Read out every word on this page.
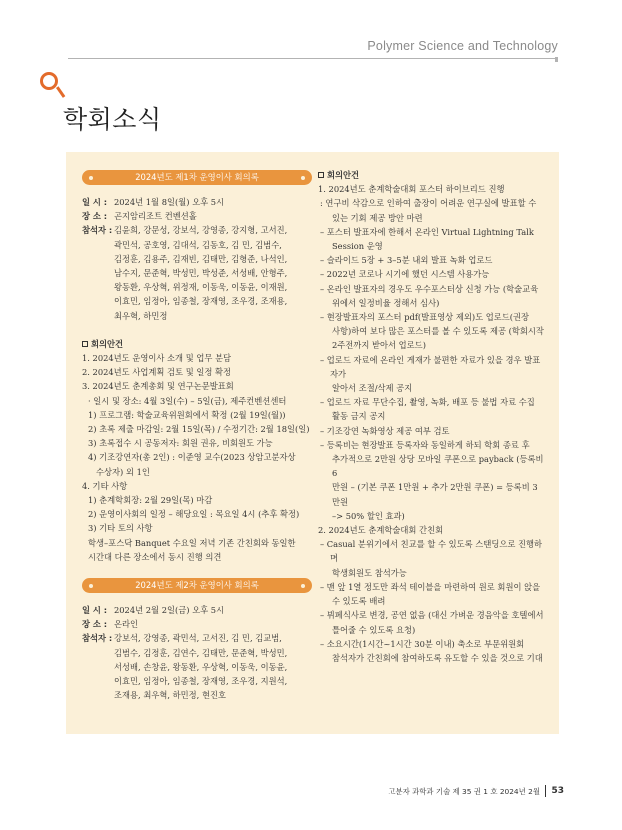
Polymer Science and Technology
학회소식
2024년도 제1차 운영이사 회의록
일 시 : 2024년 1월 8일(월) 오후 5시
장 소 : 곤지암리조트 컨벤션홀
참석자 : 김윤희, 강문성, 강보석, 강영종, 강지형, 고서진,
곽민석, 공호영, 김대석, 김동호, 김 민, 김범수,
김정훈, 김용주, 김재빈, 김태만, 김형준, 나석인,
남수지, 문준혁, 박성민, 박성준, 서성배, 안형주,
왕동환, 우상혁, 위정재, 이동욱, 이동윤, 이재원,
이효민, 임정아, 임종철, 장재영, 조우경, 조재용,
최우혁, 하민정
회의안건
1. 2024년도 운영이사 소개 및 업무 분담
2. 2024년도 사업계획 검토 및 일정 확정
3. 2024년도 춘계총회 및 연구논문발표회
· 일시 및 장소: 4월 3일(수) – 5일(금), 제주컨벤션센터
1) 프로그램: 학술교육위원회에서 확정 (2월 19일(월))
2) 초록 제출 마감일: 2월 15일(목) / 수정기간: 2월 18일(일)
3) 초록접수 시 공동저자: 회원 권유, 비회원도 가능
4) 기조강연자(총 2인) : 이준영 교수(2023 상암고분자상
수상자) 외 1인
4. 기타 사항
1) 춘계학회장: 2월 29일(목) 마감
2) 운영이사회의 일정 – 해당요일 : 목요일 4시 (추후 확정)
3) 기타 토의 사항
학생–포스닥 Banquet 수요일 저녁 기존 간친회와 동일한
시간대 다른 장소에서 동시 진행 의견
2024년도 제2차 운영이사 회의록
일 시 : 2024년 2월 2일(금) 오후 5시
장 소 : 온라인
참석자 : 강보석, 강영종, 곽민석, 고서진, 김 민, 김교범,
김범수, 김정훈, 김연수, 김태만, 문준혁, 박성민,
서성배, 손창윤, 왕동환, 우상혁, 이동욱, 이동윤,
이효민, 임정아, 임종철, 장재영, 조우경, 지원석,
조재용, 최우혁, 하민정, 현진호
회의안건
1. 2024년도 춘계학술대회 포스터 하이브리드 진행
: 연구비 삭감으로 인하여 출장이 어려운 연구실에 발표할 수
있는 기회 제공 방안 마련
– 포스터 발표자에 한해서 온라인 Virtual Lightning Talk
Session 운영
– 슬라이드 5장 + 3–5분 내외 발표 녹화 업로드
– 2022년 코로나 시기에 했던 시스템 사용가능
– 온라인 발표자의 경우도 우수포스터상 신청 가능 (학술교육
위에서 일정비율 정해서 심사)
– 현장발표자의 포스터 pdf(발표영상 제외)도 업로드(권장
사항)하여 보다 많은 포스터를 볼 수 있도록 제공 (학회시작
2주전까지 받아서 업로드)
– 업로드 자료에 온라인 게재가 불편한 자료가 있을 경우 발표자가
알아서 조절/삭제 공지
– 업로드 자료 무단수집, 촬영, 녹화, 배포 등 불법 자료 수집
활동 금지 공지
– 기조강연 녹화영상 제공 여부 검토
– 등록비는 현장발표 등록자와 동일하게 하되 학회 종료 후
추가적으로 2만원 상당 모바일 쿠폰으로 payback (등록비 6
만원 – (기본 쿠폰 1만원 + 추가 2만원 쿠폰) = 등록비 3만원
–> 50% 할인 효과)
2. 2024년도 춘계학술대회 간친회
– Casual 분위기에서 친교를 할 수 있도록 스탠딩으로 진행하며
학생회원도 참석가능
– 맨 앞 1열 정도만 좌석 테이블을 마련하여 원로 회원이 앉을
수 있도록 배려
– 뷔페식사로 변경, 공연 없음 (대신 가벼운 경음악을 호텔에서
틀어줄 수 있도록 요청)
– 소요시간(1시간~1시간 30분 이내) 축소로 부문위원회
참석자가 간친회에 참여하도록 유도할 수 있을 것으로 기대
고분자 과학과 기술 제 35 권 1 호 2024년 2월 53
